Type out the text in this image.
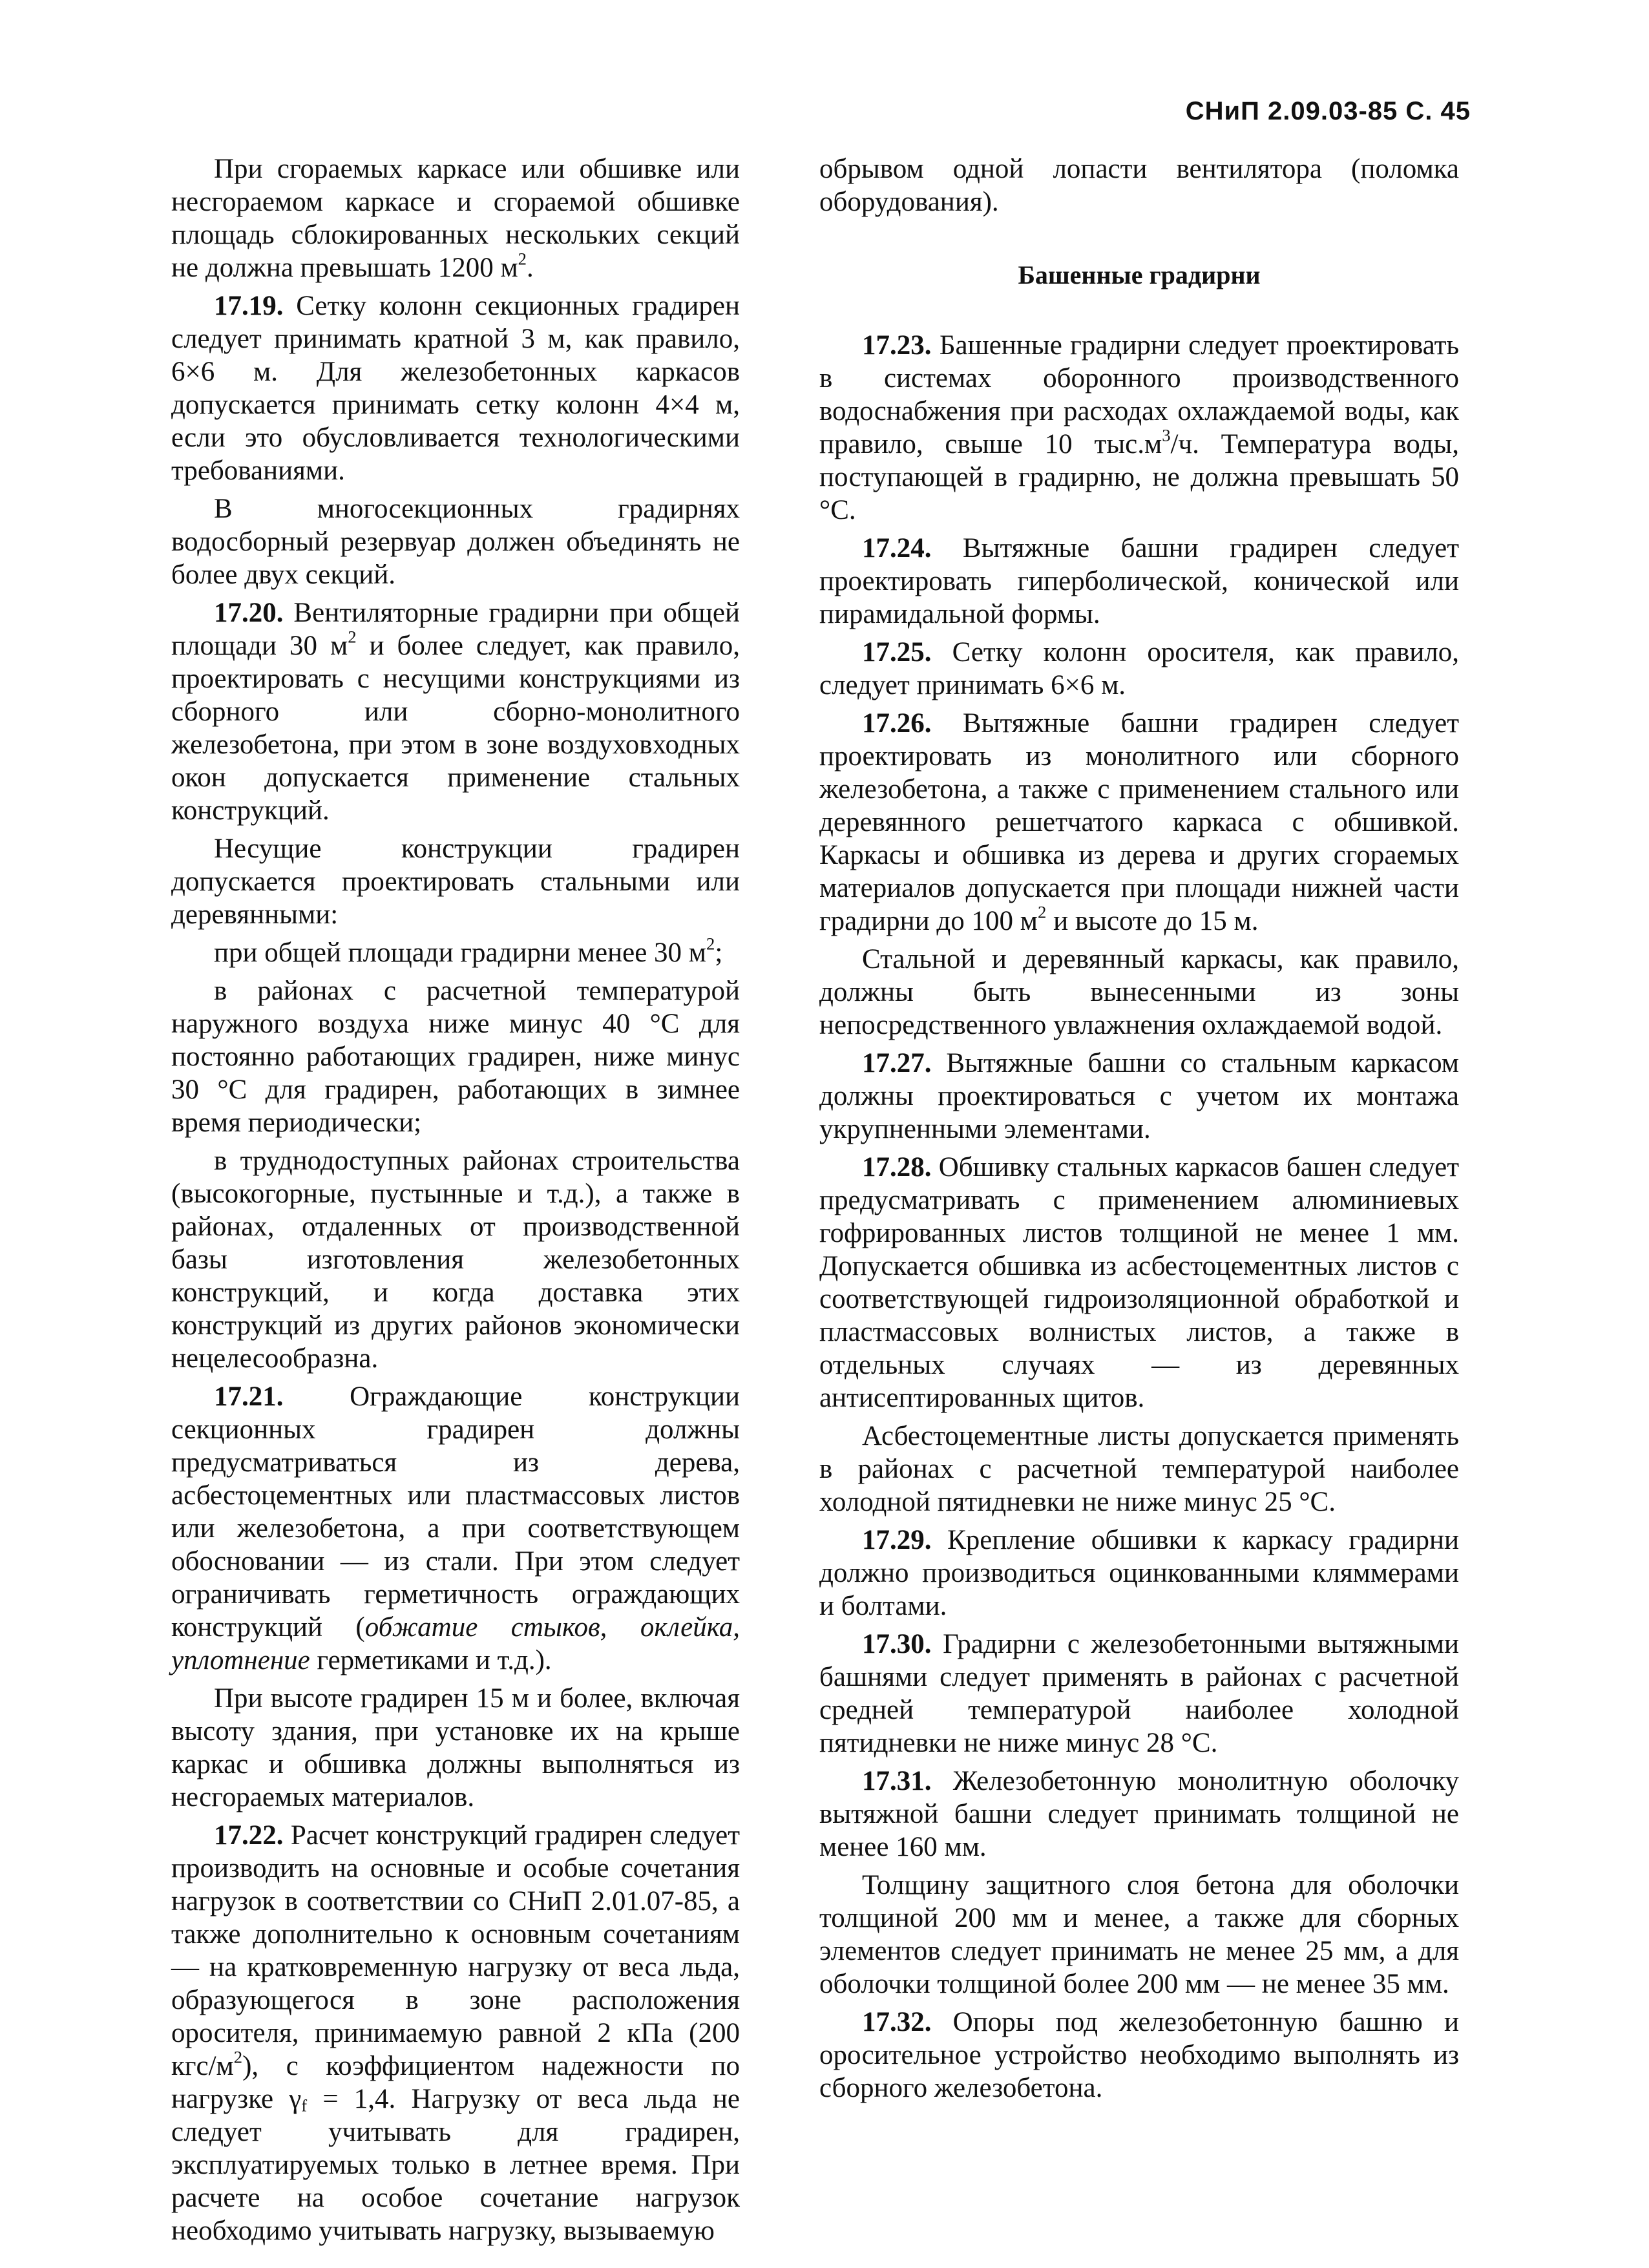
СНиП 2.09.03-85 С. 45

При сгораемых каркасе или обшивке или несгораемом каркасе и сгораемой обшивке площадь сблокированных нескольких секций не должна превышать 1200 $м^2$.

17.19. Сетку колонн секционных градирен следует принимать кратной 3 м, как правило, 6×6 м. Для железобетонных каркасов допускается принимать сетку колонн 4×4 м, если это обусловливается технологическими требованиями.

В многосекционных градирнях водосборный резервуар должен объединять не более двух секций.

17.20. Вентиляторные градирни при общей площади 30 $м^2$ и более следует, как правило, проектировать с несущими конструкциями из сборного или сборно-монолитного железобетона, при этом в зоне воздуховходных окон допускается применение стальных конструкций.

Несущие конструкции градирен допускается проектировать стальными или деревянными:

при общей площади градирни менее 30 $м^2$;

в районах с расчетной температурой наружного воздуха ниже минус 40 °С для постоянно работающих градирен, ниже минус 30 °С для градирен, работающих в зимнее время периодически;

в труднодоступных районах строительства (высокогорные, пустынные и т.д.), а также в районах, отдаленных от производственной базы изготовления железобетонных конструкций, и когда доставка этих конструкций из других районов экономически нецелесообразна.

17.21. Ограждающие конструкции секционных градирен должны предусматриваться из дерева, асбестоцементных или пластмассовых листов или железобетона, а при соответствующем обосновании — из стали. При этом следует ограничивать герметичность ограждающих конструкций (обжатие стыков, оклейка, уплотнение герметиками и т.д.).

При высоте градирен 15 м и более, включая высоту здания, при установке их на крыше каркас и обшивка должны выполняться из несгораемых материалов.

17.22. Расчет конструкций градирен следует производить на основные и особые сочетания нагрузок в соответствии со СНиП 2.01.07-85, а также дополнительно к основным сочетаниям — на кратковременную нагрузку от веса льда, образующегося в зоне расположения оросителя, принимаемую равной 2 кПа (200 кгс/$м^2$), с коэффициентом надежности по нагрузке $\gamma_f = 1,4$. Нагрузку от веса льда не следует учитывать для градирен, эксплуатируемых только в летнее время. При расчете на особое сочетание нагрузок необходимо учитывать нагрузку, вызываемую

обрывом одной лопасти вентилятора (поломка оборудования).

Башенные градирни

17.23. Башенные градирни следует проектировать в системах оборонного производственного водоснабжения при расходах охлаждаемой воды, как правило, свыше 10 $тыс.м^3/ч$. Температура воды, поступающей в градирню, не должна превышать 50 °С.

17.24. Вытяжные башни градирен следует проектировать гиперболической, конической или пирамидальной формы.

17.25. Сетку колонн оросителя, как правило, следует принимать 6×6 м.

17.26. Вытяжные башни градирен следует проектировать из монолитного или сборного железобетона, а также с применением стального или деревянного решетчатого каркаса с обшивкой. Каркасы и обшивка из дерева и других сгораемых материалов допускается при площади нижней части градирни до 100 $м^2$ и высоте до 15 м.

Стальной и деревянный каркасы, как правило, должны быть вынесенными из зоны непосредственного увлажнения охлаждаемой водой.

17.27. Вытяжные башни со стальным каркасом должны проектироваться с учетом их монтажа укрупненными элементами.

17.28. Обшивку стальных каркасов башен следует предусматривать с применением алюминиевых гофрированных листов толщиной не менее 1 мм. Допускается обшивка из асбестоцементных листов с соответствующей гидроизоляционной обработкой и пластмассовых волнистых листов, а также в отдельных случаях — из деревянных антисептированных щитов.

Асбестоцементные листы допускается применять в районах с расчетной температурой наиболее холодной пятидневки не ниже минус 25 °С.

17.29. Крепление обшивки к каркасу градирни должно производиться оцинкованными кляммерами и болтами.

17.30. Градирни с железобетонными вытяжными башнями следует применять в районах с расчетной средней температурой наиболее холодной пятидневки не ниже минус 28 °С.

17.31. Железобетонную монолитную оболочку вытяжной башни следует принимать толщиной не менее 160 мм.

Толщину защитного слоя бетона для оболочки толщиной 200 мм и менее, а также для сборных элементов следует принимать не менее 25 мм, а для оболочки толщиной более 200 мм — не менее 35 мм.

17.32. Опоры под железобетонную башню и оросительное устройство необходимо выполнять из сборного железобетона.
